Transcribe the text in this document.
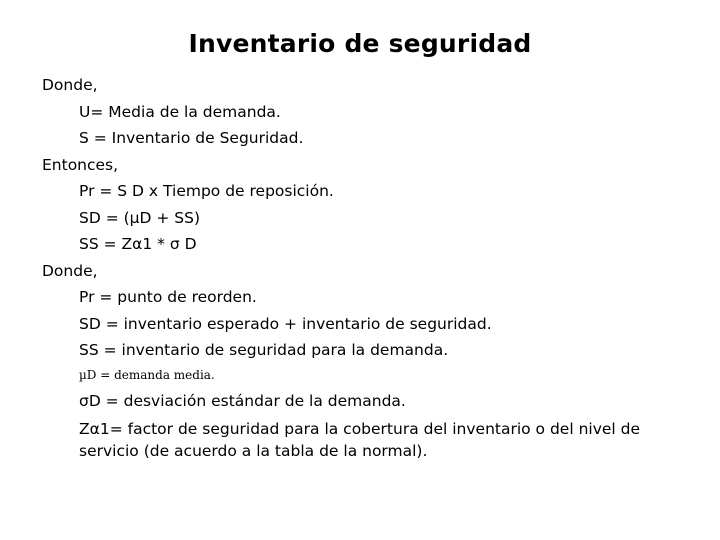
Inventario de seguridad
Donde,
U= Media de la demanda.
S = Inventario de Seguridad.
Entonces,
Pr = S D x Tiempo de reposición.
SD = (µD + SS)
SS = Zα1 * σ D
Donde,
Pr = punto de reorden.
SD = inventario esperado + inventario de seguridad.
SS = inventario de seguridad para la demanda.
µD = demanda media.
σD = desviación estándar de la demanda.
Zα1= factor de seguridad para la cobertura del inventario o del nivel de servicio (de acuerdo a la tabla de la normal).
